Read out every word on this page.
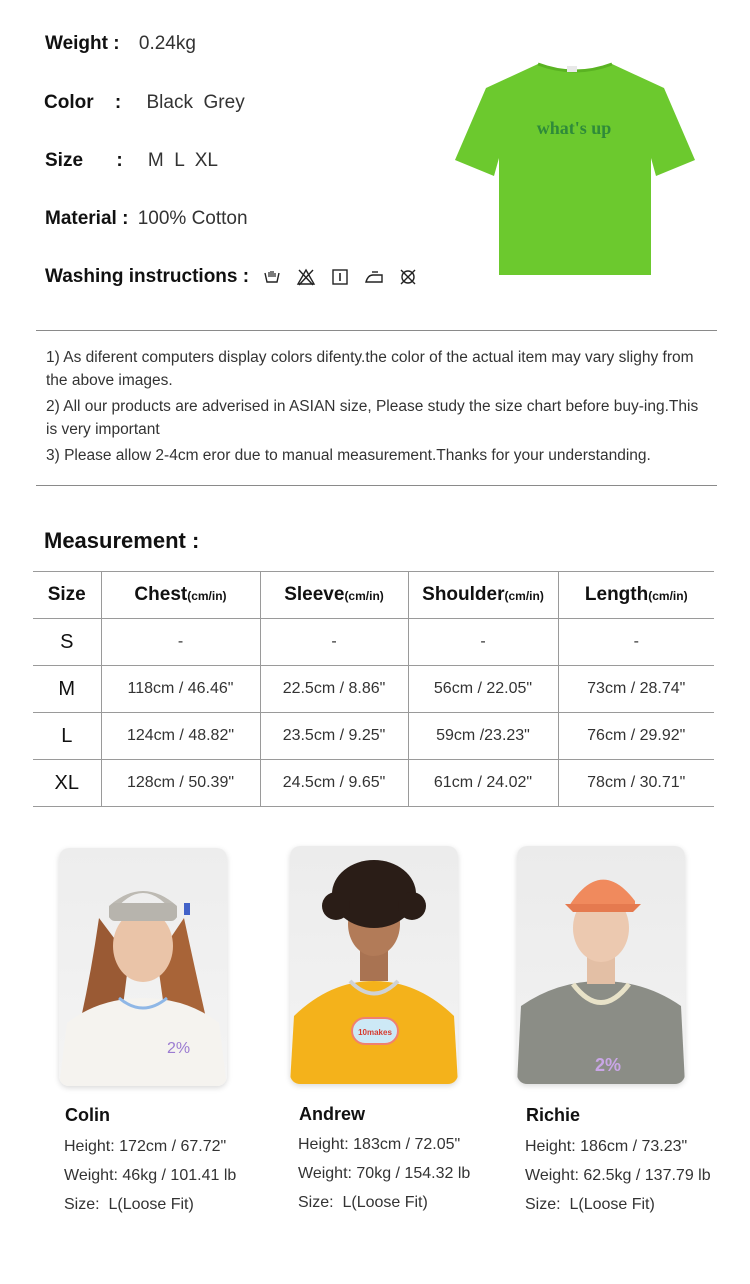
Weight : 0.24kg
Color : Black  Grey
Size : M  L  XL
Material : 100% Cotton
Washing instructions :
what's up

1) As diferent computers display colors difenty.the color of the actual item may vary slighy from the above images.

2) All our products are adverised in ASIAN size, Please study the size chart before buy-ing.This is very important

3) Please allow 2-4cm eror due to manual measurement.Thanks for your understanding.

Measurement :
Size	Chest(cm/in)	Sleeve(cm/in)	Shoulder(cm/in)	Length(cm/in)
S	-	-	-	-
M	118cm / 46.46"	22.5cm / 8.86"	56cm / 22.05"	73cm / 28.74"
L	124cm / 48.82"	23.5cm / 9.25"	59cm /23.23"	76cm / 29.92"
XL	128cm / 50.39"	24.5cm / 9.65"	61cm / 24.02"	78cm / 30.71"
2%
Colin
Height: 172cm / 67.72"
Weight: 46kg / 101.41 lb
Size:  L(Loose Fit)
10makes
Andrew
Height: 183cm / 72.05"
Weight: 70kg / 154.32 lb
Size:  L(Loose Fit)
2%
Richie
Height: 186cm / 73.23"
Weight: 62.5kg / 137.79 lb
Size:  L(Loose Fit)
